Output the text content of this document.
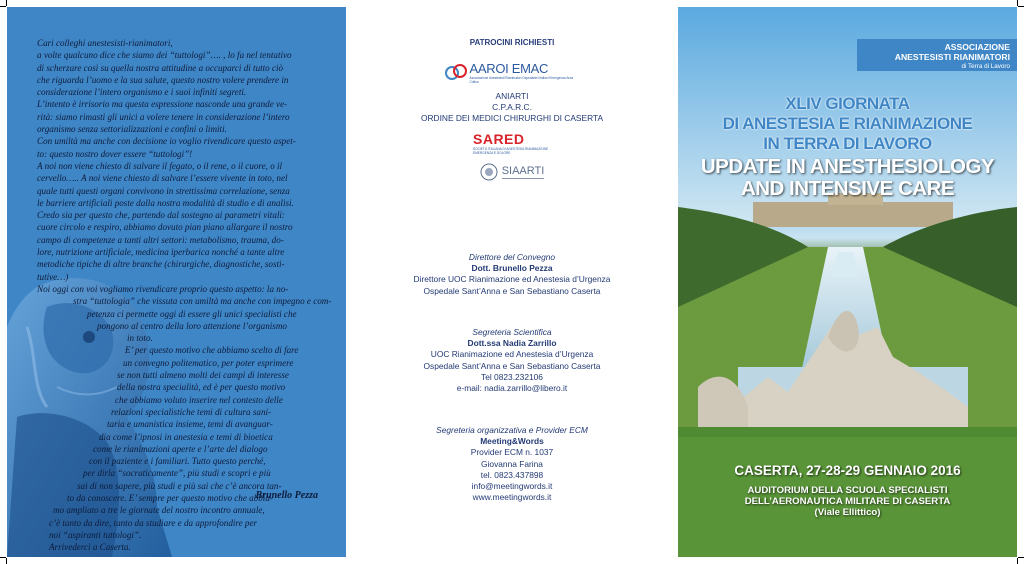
Cari colleghi anestesisti-rianimatori,

a volte qualcuno dice che siamo dei “tuttologi”…. , lo fa nel tentativo

di scherzare così su quella nostra attitudine a occuparci di tutto ciò

che riguarda l’uomo e la sua salute, questo nostro volere prendere in

considerazione l’intero organismo e i suoi infiniti segreti.

L’intento è irrisorio ma questa espressione nasconde una grande ve-

rità: siamo rimasti gli unici a volere tenere in considerazione l’intero

organismo senza settorializzazioni e confini o limiti.

Con umiltà ma anche con decisione io voglio rivendicare questo aspet-

to: questo nostro dover essere “tuttologi”!

A noi non viene chiesto di salvare il fegato, o il rene, o il cuore, o il

cervello….. A noi viene chiesto di salvare l’essere vivente in toto, nel

quale tutti questi organi convivono in strettissima correlazione, senza

le barriere artificiali poste dalla nostra modalità di studio e di analisi.

Credo sia per questo che, partendo dal sostegno ai parametri vitali:

cuore circolo e respiro, abbiamo dovuto pian piano allargare il nostro

campo di competenze a tanti altri settori: metabolismo, trauma, do-

lore, nutrizione artificiale, medicina iperbarica nonché a tante altre

metodiche tipiche di altre branche (chirurgiche, diagnostiche, sosti-

tutive…)

Noi oggi con voi vogliamo rivendicare proprio questo aspetto: la no-

stra “tuttologia” che vissuta con umiltà ma anche con impegno e com-

petenza ci permette oggi di essere gli unici specialisti che

pongono al centro della loro attenzione l’organismo

in toto.

E’ per questo motivo che abbiamo scelto di fare

un convegno politematico, per poter esprimere

se non tutti almeno molti dei campi di interesse

della nostra specialità, ed è per questo motivo

che abbiamo voluto inserire nel contesto delle

relazioni specialistiche temi di cultura sani-

taria e umanistica insieme, temi di avanguar-

dia come l’ipnosi in anestesia e temi di bioetica

come le rianimazioni aperte e l’arte del dialogo

con il paziente e i familiari. Tutto questo perché,

per dirla “socraticamente”, più studi e scopri e più

sai di non sapere, più studi e più sai che c’è ancora tan-

to da conoscere. E’ sempre per questo motivo che abbia-

mo ampliato a tre le giornate del nostro incontro annuale,

c’è tanto da dire, tanto da studiare e da approfondire per

noi “aspiranti tuttologi”.

Arrivederci a Caserta.

Brunello Pezza
PATROCINI RICHIESTI
AAROI EMAC
Associazione Anestesisti Rianimatori Ospedalieri Italiani Emergenza Area Critica
ANIARTI
C.P.A.R.C.
ORDINE DEI MEDICI CHIRURGHI DI CASERTA
SARED
SOCIETÀ ITALIANA DI ANESTESIA RIANIMAZIONE EMERGENZA E DOLORE
SIAARTI
Direttore del Convegno
Dott. Brunello Pezza
Direttore UOC Rianimazione ed Anestesia d’Urgenza
Ospedale Sant’Anna e San Sebastiano Caserta
Segreteria Scientifica
Dott.ssa Nadia Zarrillo
UOC Rianimazione ed Anestesia d’Urgenza
Ospedale Sant’Anna e San Sebastiano Caserta
Tel 0823.232106
e-mail: nadia.zarrillo@libero.it
Segreteria organizzativa e Provider ECM
Meeting&Words
Provider ECM n. 1037
Giovanna Farina
tel. 0823.437898
info@meetingwords.it
www.meetingwords.it
ASSOCIAZIONE
ANESTESISTI RIANIMATORI
di Terra di Lavoro
XLIV GIORNATA
DI ANESTESIA E RIANIMAZIONE
IN TERRA DI LAVORO
UPDATE IN ANESTHESIOLOGY
AND INTENSIVE CARE
CASERTA, 27-28-29 GENNAIO 2016
AUDITORIUM DELLA SCUOLA SPECIALISTI
DELL’AERONAUTICA MILITARE DI CASERTA
(Viale Ellittico)
